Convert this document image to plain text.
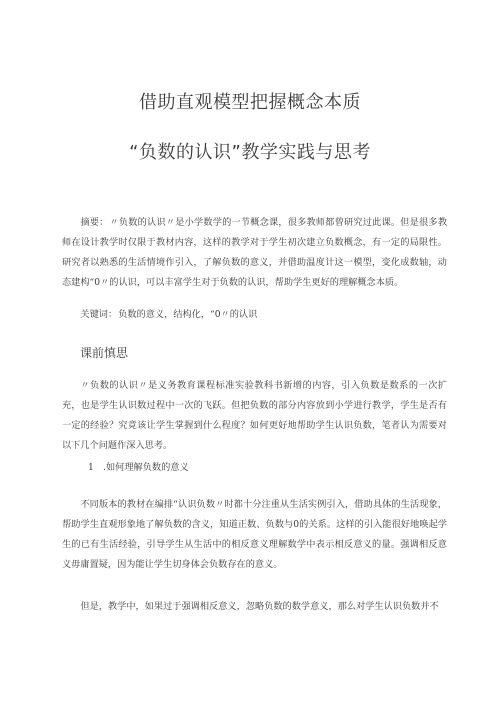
借助直观模型把握概念本质
“负数的认识”教学实践与思考

摘要：〃负数的认识〃是小学数学的一节概念课，很多教师都曾研究过此课。但是很多教师在设计教学时仅限于教材内容，这样的教学对于学生初次建立负数概念，有一定的局限性。研究者以熟悉的生活情境作引入，了解负数的意义，并借助温度计这一模型，变化成数轴，动态建构“0〃的认识，可以丰富学生对于负数的认识，帮助学生更好的理解概念本质。

关键词：负数的意义，结构化，“0〃的认识

课前慎思

〃负数的认识〃是义务教育课程标准实验教科书新增的内容，引入负数是数系的一次扩充，也是学生认识数过程中一次的飞跃。但把负数的部分内容放到小学进行教学，学生是否有一定的经验？究竟该让学生掌握到什么程度？如何更好地帮助学生认识负数，笔者认为需要对以下几个问题作深入思考。

1　.如何理解负数的意义

不同版本的教材在编排“认识负数〃时都十分注重从生活实例引入，借助具体的生活现象，帮助学生直观形象地了解负数的含义，知道正数、负数与0的关系。这样的引入能很好地唤起学生的已有生活经验，引导学生从生活中的相反意义理解数学中表示相反意义的量。强调相反意义毋庸置疑，因为能让学生切身体会负数存在的意义。

但是，教学中，如果过于强调相反意义，忽略负数的数学意义，那么对学生认识负数并不
